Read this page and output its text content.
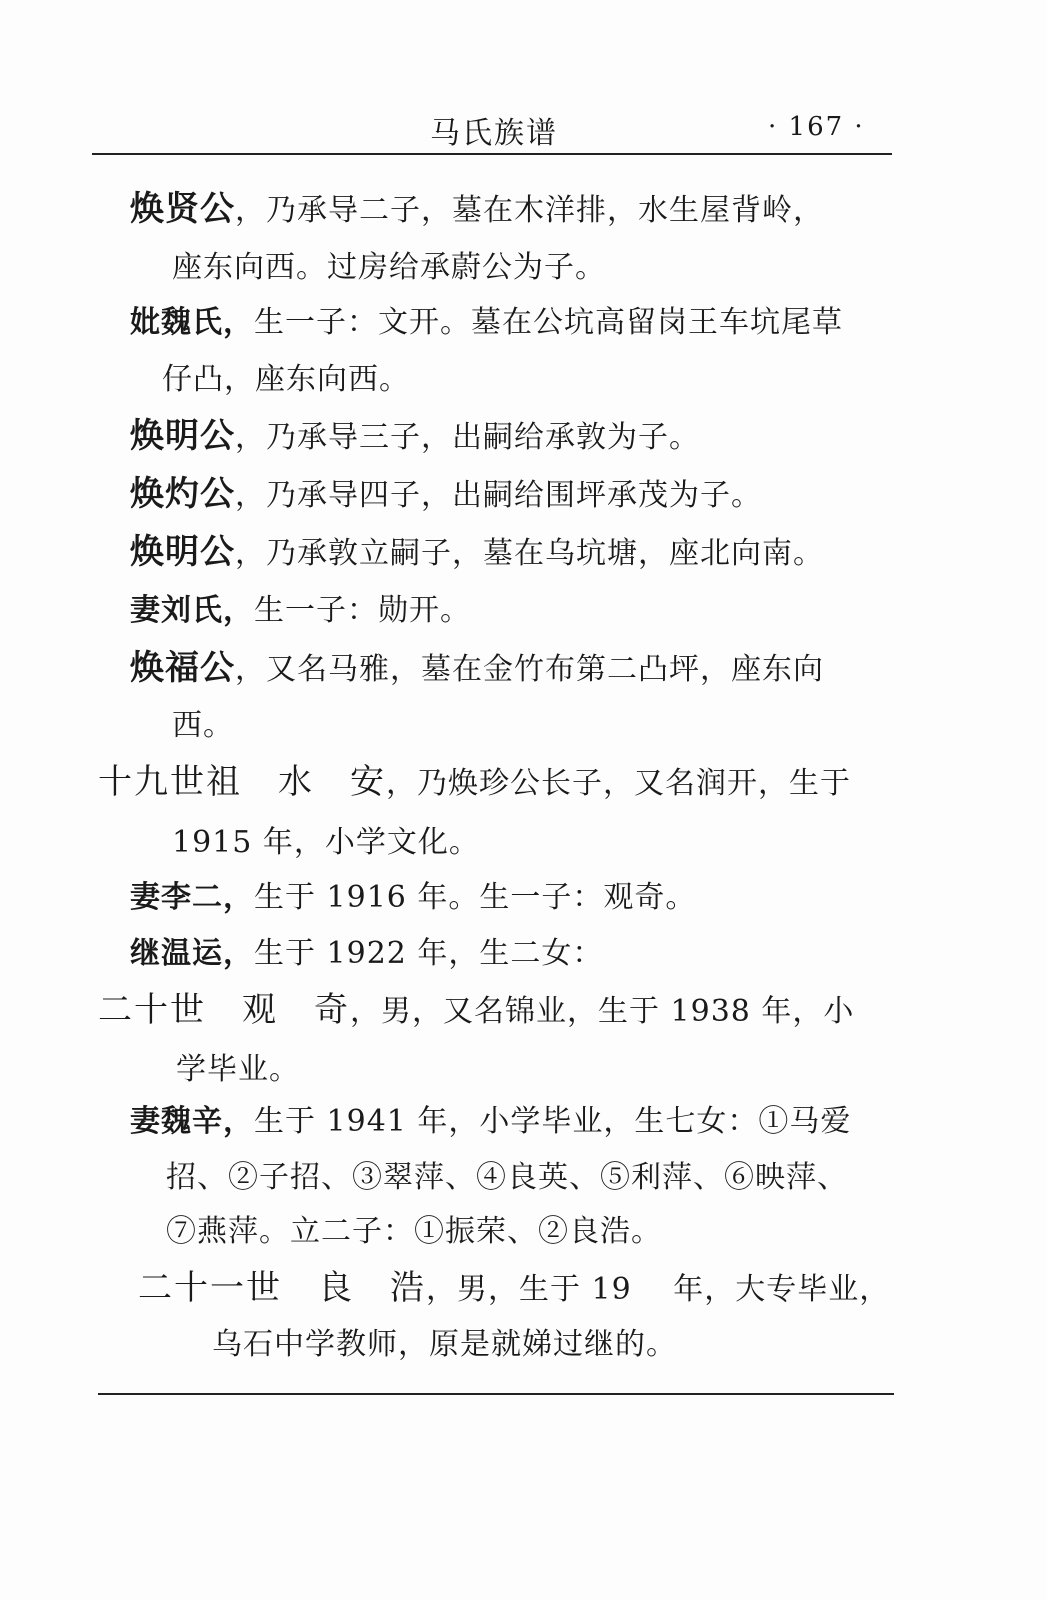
马氏族谱	· 167 ·
焕贤公，乃承导二子，墓在木洋排，水生屋背岭，
座东向西。过房给承蔚公为子。
妣魏氏，生一子：文开。墓在公坑高留岗王车坑尾草
仔凸，座东向西。
焕明公，乃承导三子，出嗣给承敦为子。
焕灼公，乃承导四子，出嗣给围坪承茂为子。
焕明公，乃承敦立嗣子，墓在乌坑塘，座北向南。
妻刘氏，生一子：勋开。
焕福公，又名马雅，墓在金竹布第二凸坪，座东向
西。
十九世祖 水 安，乃焕珍公长子，又名润开，生于
1915 年，小学文化。
妻李二，生于 1916 年。生一子：观奇。
继温运，生于 1922 年，生二女：
二十世 观 奇，男，又名锦业，生于 1938 年，小
学毕业。
妻魏辛，生于 1941 年，小学毕业，生七女：①马爱
招、②子招、③翠萍、④良英、⑤利萍、⑥映萍、
⑦燕萍。立二子：①振荣、②良浩。
二十一世 良 浩，男，生于 19　 年，大专毕业，
乌石中学教师，原是就娣过继的。
